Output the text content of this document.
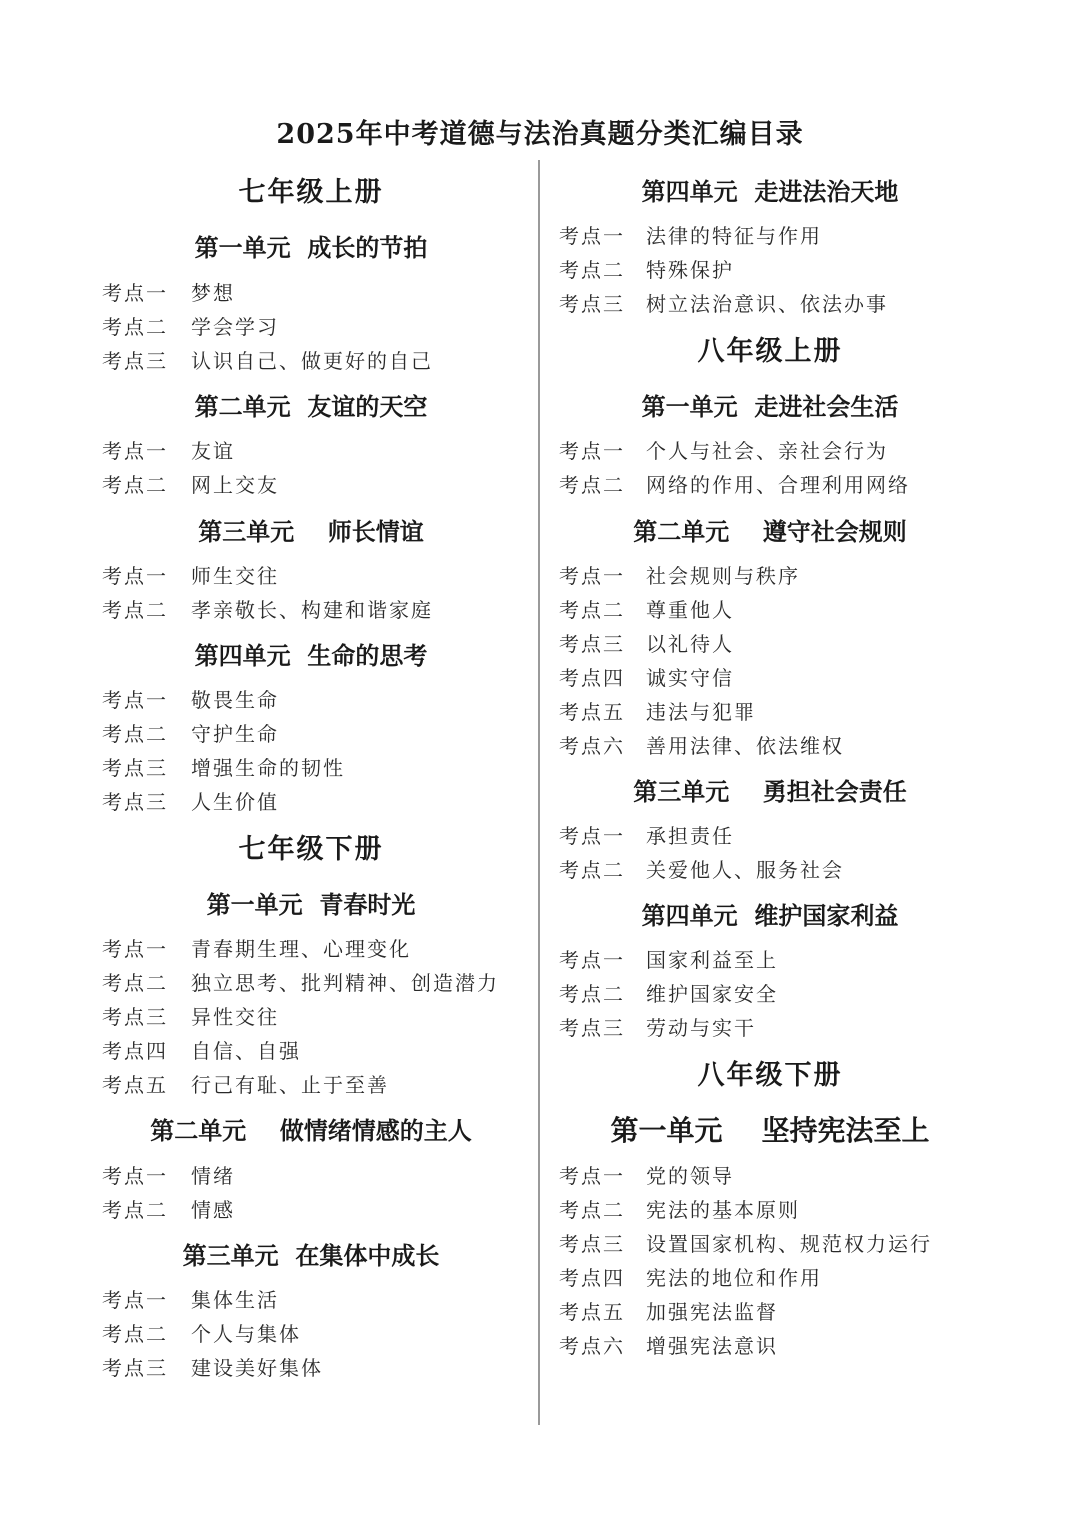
2025年中考道德与法治真题分类汇编目录
七年级上册
第一单元  成长的节拍
考点一 梦想
考点二 学会学习
考点三 认识自己、做更好的自己
第二单元  友谊的天空
考点一 友谊
考点二 网上交友
第三单元    师长情谊
考点一 师生交往
考点二 孝亲敬长、构建和谐家庭
第四单元  生命的思考
考点一 敬畏生命
考点二 守护生命
考点三 增强生命的韧性
考点三 人生价值
七年级下册
第一单元  青春时光
考点一 青春期生理、心理变化
考点二 独立思考、批判精神、创造潜力
考点三 异性交往
考点四 自信、自强
考点五 行己有耻、止于至善
第二单元    做情绪情感的主人
考点一 情绪
考点二 情感
第三单元  在集体中成长
考点一 集体生活
考点二 个人与集体
考点三 建设美好集体
第四单元  走进法治天地
考点一 法律的特征与作用
考点二 特殊保护
考点三 树立法治意识、依法办事
八年级上册
第一单元  走进社会生活
考点一 个人与社会、亲社会行为
考点二 网络的作用、合理利用网络
第二单元    遵守社会规则
考点一 社会规则与秩序
考点二 尊重他人
考点三 以礼待人
考点四 诚实守信
考点五 违法与犯罪
考点六 善用法律、依法维权
第三单元    勇担社会责任
考点一 承担责任
考点二 关爱他人、服务社会
第四单元  维护国家利益
考点一 国家利益至上
考点二 维护国家安全
考点三 劳动与实干
八年级下册
第一单元    坚持宪法至上
考点一 党的领导
考点二 宪法的基本原则
考点三 设置国家机构、规范权力运行
考点四 宪法的地位和作用
考点五 加强宪法监督
考点六 增强宪法意识
